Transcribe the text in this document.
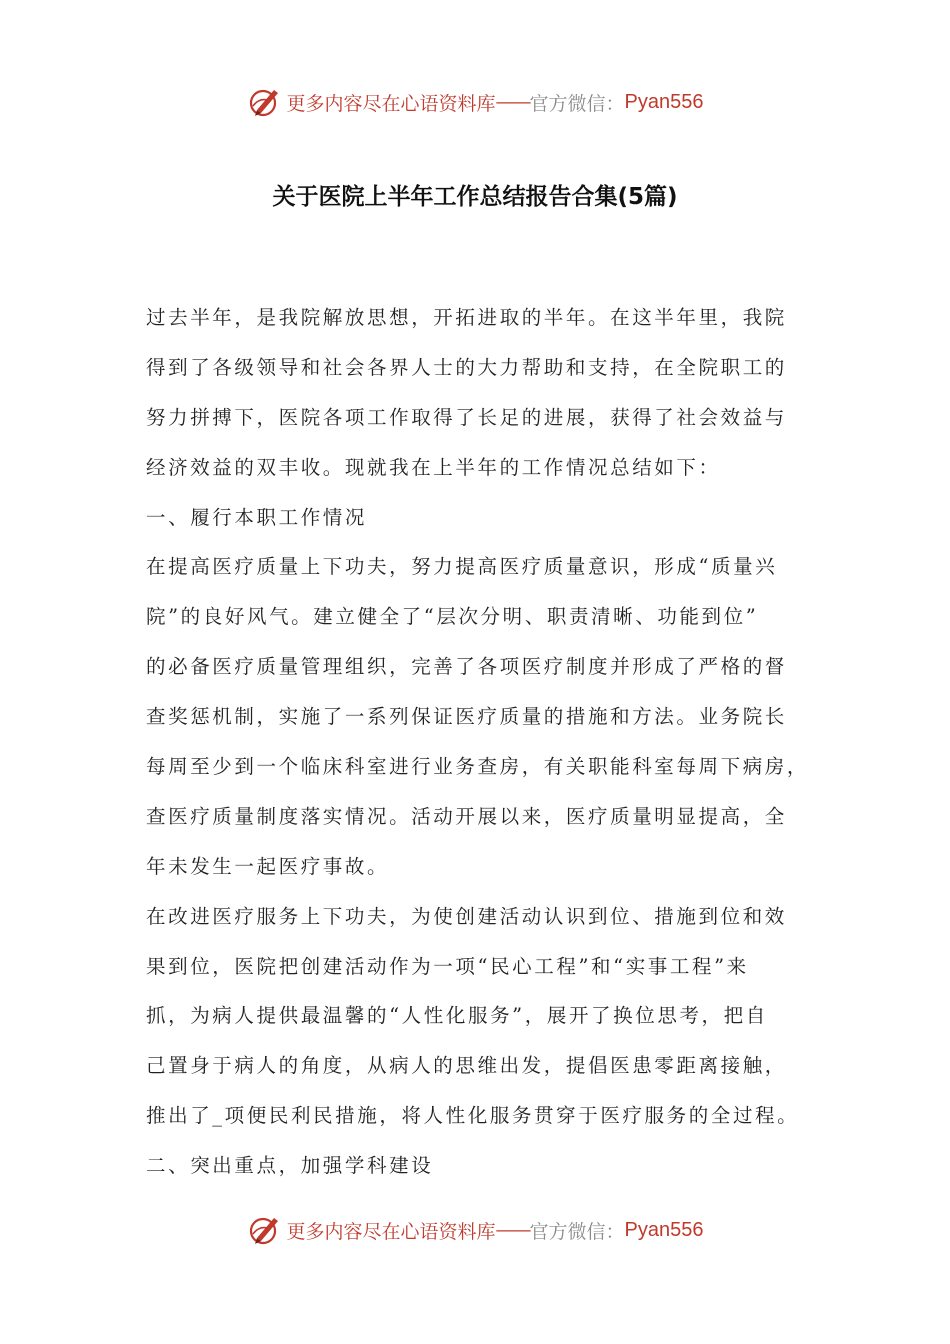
更多内容尽在心语资料库 —— 官方微信： Pyan556
关于医院上半年工作总结报告合集(5篇)
过去半年，是我院解放思想，开拓进取的半年。在这半年里，我院
得到了各级领导和社会各界人士的大力帮助和支持，在全院职工的
努力拼搏下，医院各项工作取得了长足的进展，获得了社会效益与
经济效益的双丰收。现就我在上半年的工作情况总结如下：
一、履行本职工作情况
在提高医疗质量上下功夫，努力提高医疗质量意识，形成“质量兴
院”的良好风气。建立健全了“层次分明、职责清晰、功能到位”
的必备医疗质量管理组织，完善了各项医疗制度并形成了严格的督
查奖惩机制，实施了一系列保证医疗质量的措施和方法。业务院长
每周至少到一个临床科室进行业务查房，有关职能科室每周下病房，
查医疗质量制度落实情况。活动开展以来，医疗质量明显提高，全
年未发生一起医疗事故。
在改进医疗服务上下功夫，为使创建活动认识到位、措施到位和效
果到位，医院把创建活动作为一项“民心工程”和“实事工程”来
抓，为病人提供最温馨的“人性化服务”，展开了换位思考，把自
己置身于病人的角度，从病人的思维出发，提倡医患零距离接触，
推出了_项便民利民措施，将人性化服务贯穿于医疗服务的全过程。
二、突出重点，加强学科建设
更多内容尽在心语资料库 —— 官方微信： Pyan556
